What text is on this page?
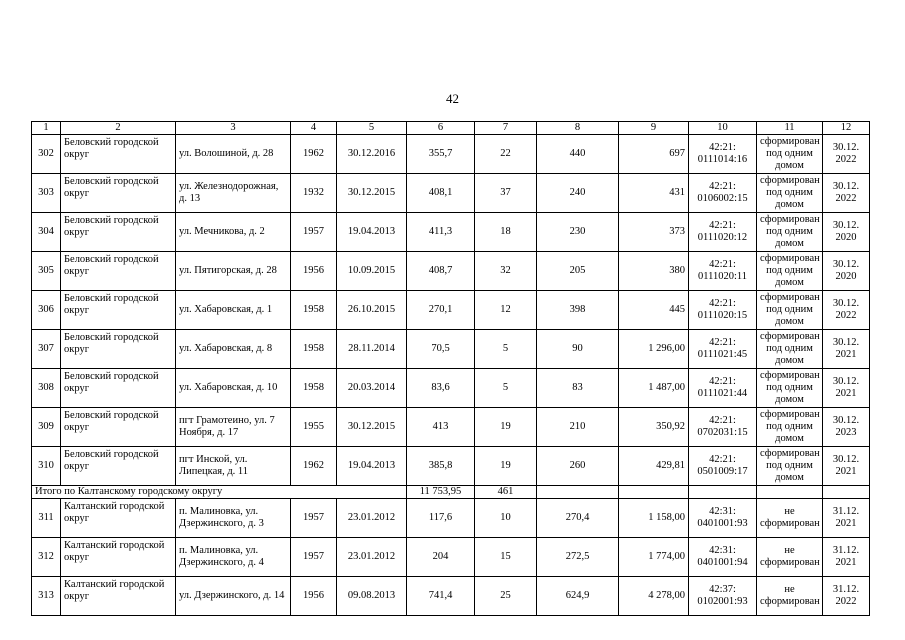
42
1	2	3	4	5	6	7	8	9	10	11	12
302	Беловский городской округ	ул. Волошиной, д. 28	1962	30.12.2016	355,7	22	440	697	42:21: 0111014:16	сформирован под одним домом	30.12. 2022
303	Беловский городской округ	ул. Железнодорожная, д. 13	1932	30.12.2015	408,1	37	240	431	42:21: 0106002:15	сформирован под одним домом	30.12. 2022
304	Беловский городской округ	ул. Мечникова, д. 2	1957	19.04.2013	411,3	18	230	373	42:21: 0111020:12	сформирован под одним домом	30.12. 2020
305	Беловский городской округ	ул. Пятигорская, д. 28	1956	10.09.2015	408,7	32	205	380	42:21: 0111020:11	сформирован под одним домом	30.12. 2020
306	Беловский городской округ	ул. Хабаровская, д. 1	1958	26.10.2015	270,1	12	398	445	42:21: 0111020:15	сформирован под одним домом	30.12. 2022
307	Беловский городской округ	ул. Хабаровская, д. 8	1958	28.11.2014	70,5	5	90	1 296,00	42:21: 0111021:45	сформирован под одним домом	30.12. 2021
308	Беловский городской округ	ул. Хабаровская, д. 10	1958	20.03.2014	83,6	5	83	1 487,00	42:21: 0111021:44	сформирован под одним домом	30.12. 2021
309	Беловский городской округ	пгт Грамотеино, ул. 7 Ноября, д. 17	1955	30.12.2015	413	19	210	350,92	42:21: 0702031:15	сформирован под одним домом	30.12. 2023
310	Беловский городской округ	пгт Инской, ул. Липецкая, д. 11	1962	19.04.2013	385,8	19	260	429,81	42:21: 0501009:17	сформирован под одним домом	30.12. 2021
Итого по Калтанскому городскому округу					11 753,95	461					
311	Калтанский городской округ	п. Малиновка, ул. Дзержинского, д. 3	1957	23.01.2012	117,6	10	270,4	1 158,00	42:31: 0401001:93	не сформирован	31.12. 2021
312	Калтанский городской округ	п. Малиновка, ул. Дзержинского, д. 4	1957	23.01.2012	204	15	272,5	1 774,00	42:31: 0401001:94	не сформирован	31.12. 2021
313	Калтанский городской округ	ул. Дзержинского, д. 14	1956	09.08.2013	741,4	25	624,9	4 278,00	42:37: 0102001:93	не сформирован	31.12. 2022
